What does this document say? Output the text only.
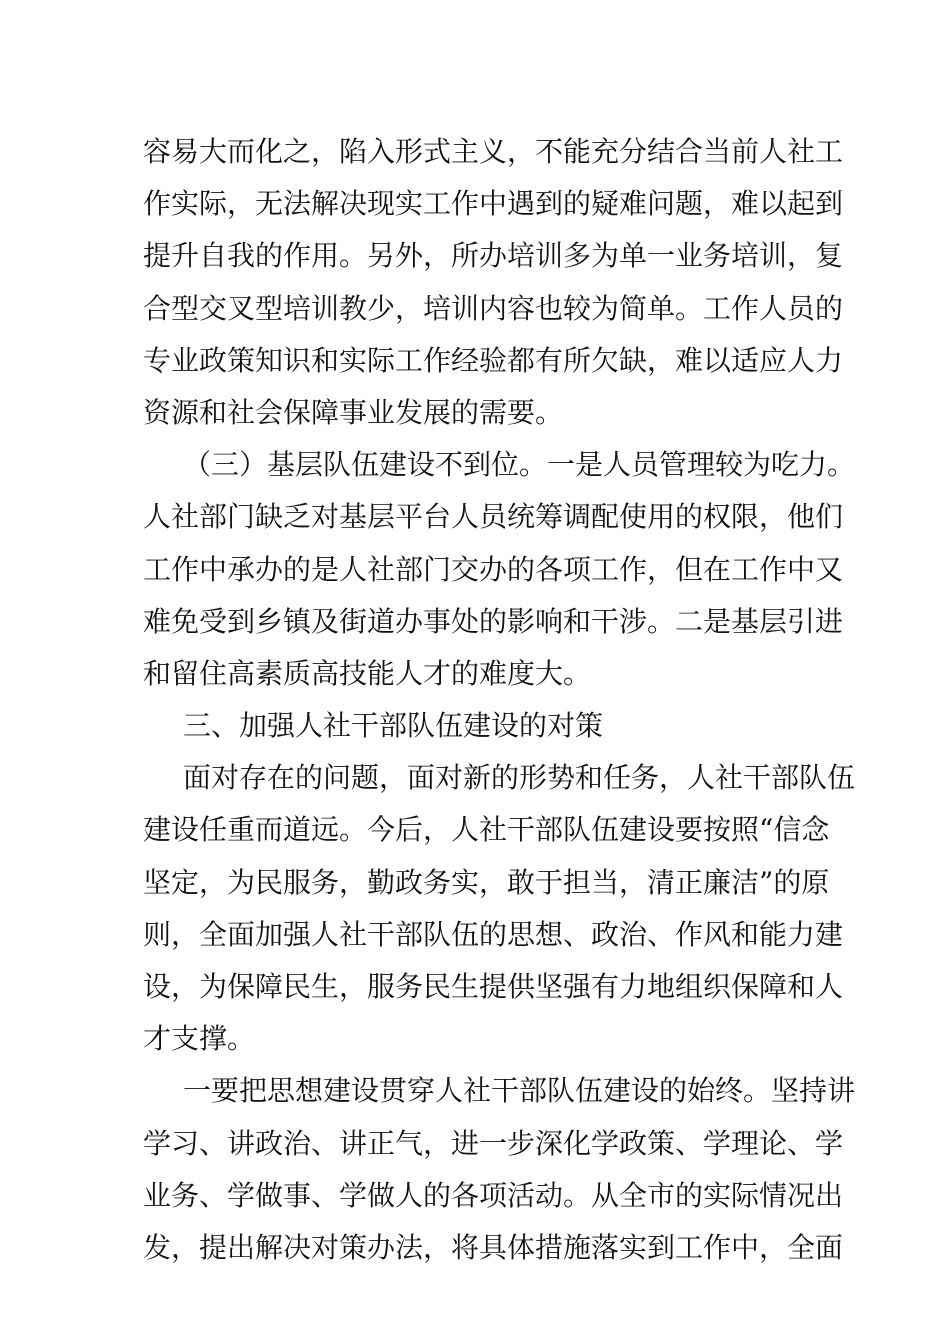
容易大而化之，陷入形式主义，不能充分结合当前人社工
作实际，无法解决现实工作中遇到的疑难问题，难以起到
提升自我的作用。另外，所办培训多为单一业务培训，复
合型交叉型培训教少，培训内容也较为简单。工作人员的
专业政策知识和实际工作经验都有所欠缺，难以适应人力
资源和社会保障事业发展的需要。
（三）基层队伍建设不到位。一是人员管理较为吃力。
人社部门缺乏对基层平台人员统筹调配使用的权限，他们
工作中承办的是人社部门交办的各项工作，但在工作中又
难免受到乡镇及街道办事处的影响和干涉。二是基层引进
和留住高素质高技能人才的难度大。
三、加强人社干部队伍建设的对策
面对存在的问题，面对新的形势和任务，人社干部队伍
建设任重而道远。今后，人社干部队伍建设要按照“信念
坚定，为民服务，勤政务实，敢于担当，清正廉洁”的原
则，全面加强人社干部队伍的思想、政治、作风和能力建
设，为保障民生，服务民生提供坚强有力地组织保障和人
才支撑。
一要把思想建设贯穿人社干部队伍建设的始终。坚持讲
学习、讲政治、讲正气，进一步深化学政策、学理论、学
业务、学做事、学做人的各项活动。从全市的实际情况出
发，提出解决对策办法，将具体措施落实到工作中，全面
